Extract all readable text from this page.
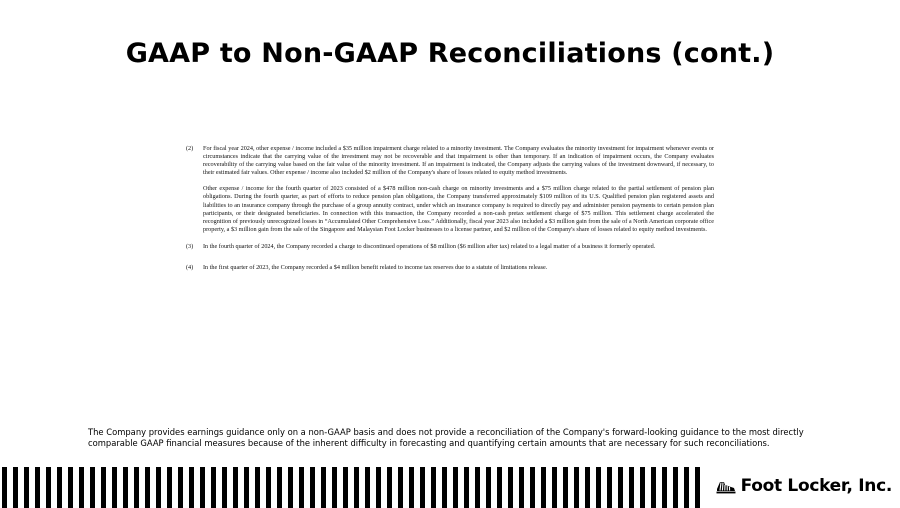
GAAP to Non-GAAP Reconciliations (cont.)
(2) For fiscal year 2024, other expense / income included a $35 million impairment charge related to a minority investment. The Company evaluates the minority investment for impairment whenever events or circumstances indicate that the carrying value of the investment may not be recoverable and that impairment is other than temporary. If an indication of impairment occurs, the Company evaluates recoverability of the carrying value based on the fair value of the minority investment. If an impairment is indicated, the Company adjusts the carrying values of the investment downward, if necessary, to their estimated fair values. Other expense / income also included $2 million of the Company's share of losses related to equity method investments.

Other expense / income for the fourth quarter of 2023 consisted of a $478 million non-cash charge on minority investments and a $75 million charge related to the partial settlement of pension plan obligations. During the fourth quarter, as part of efforts to reduce pension plan obligations, the Company transferred approximately $109 million of its U.S. Qualified pension plan registered assets and liabilities to an insurance company through the purchase of a group annuity contract, under which an insurance company is required to directly pay and administer pension payments to certain pension plan participants, or their designated beneficiaries. In connection with this transaction, the Company recorded a non-cash pretax settlement charge of $75 million. This settlement charge accelerated the recognition of previously unrecognized losses in “Accumulated Other Comprehensive Loss.” Additionally, fiscal year 2023 also included a $3 million gain from the sale of a North American corporate office property, a $3 million gain from the sale of the Singapore and Malaysian Foot Locker businesses to a license partner, and $2 million of the Company's share of losses related to equity method investments.

(3) In the fourth quarter of 2024, the Company recorded a charge to discontinued operations of $8 million ($6 million after tax) related to a legal matter of a business it formerly operated.

(4) In the first quarter of 2023, the Company recorded a $4 million benefit related to income tax reserves due to a statute of limitations release.

The Company provides earnings guidance only on a non-GAAP basis and does not provide a reconciliation of the Company's forward-looking guidance to the most directly comparable GAAP financial measures because of the inherent difficulty in forecasting and quantifying certain amounts that are necessary for such reconciliations.

Foot Locker, Inc.
